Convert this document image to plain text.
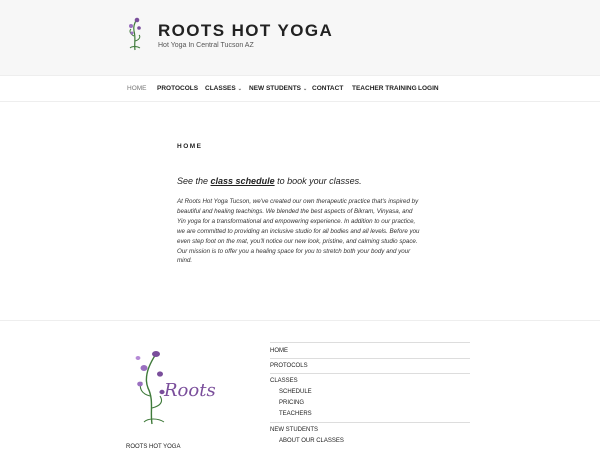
ROOTS HOT YOGA
Hot Yoga In Central Tucson AZ
HOME PROTOCOLS CLASSES ⌄ NEW STUDENTS ⌄ CONTACT TEACHER TRAINING LOGIN
HOME
See the class schedule to book your classes.
At Roots Hot Yoga Tucson, we've created our own therapeutic practice that's inspired by beautiful and healing teachings. We blended the best aspects of Bikram, Vinyasa, and Yin yoga for a transformational and empowering experience. In addition to our practice, we are committed to providing an inclusive studio for all bodies and all levels. Before you even step foot on the mat, you'll notice our new look, pristine, and calming studio space. Our mission is to offer you a healing space for you to stretch both your body and your mind.
Roots
ROOTS HOT YOGA
HOME
PROTOCOLS
CLASSES
SCHEDULE
PRICING
TEACHERS
NEW STUDENTS
ABOUT OUR CLASSES
